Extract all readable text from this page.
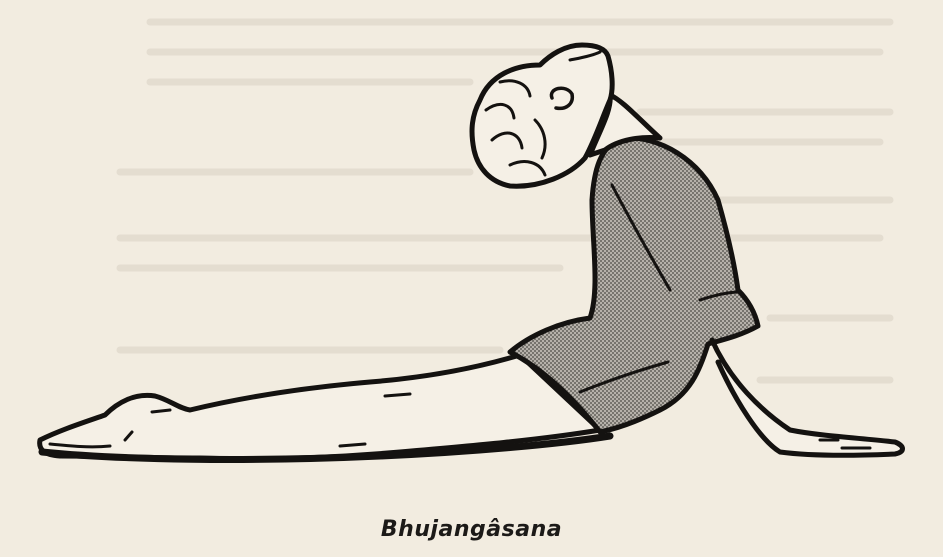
Bhujangâsana
